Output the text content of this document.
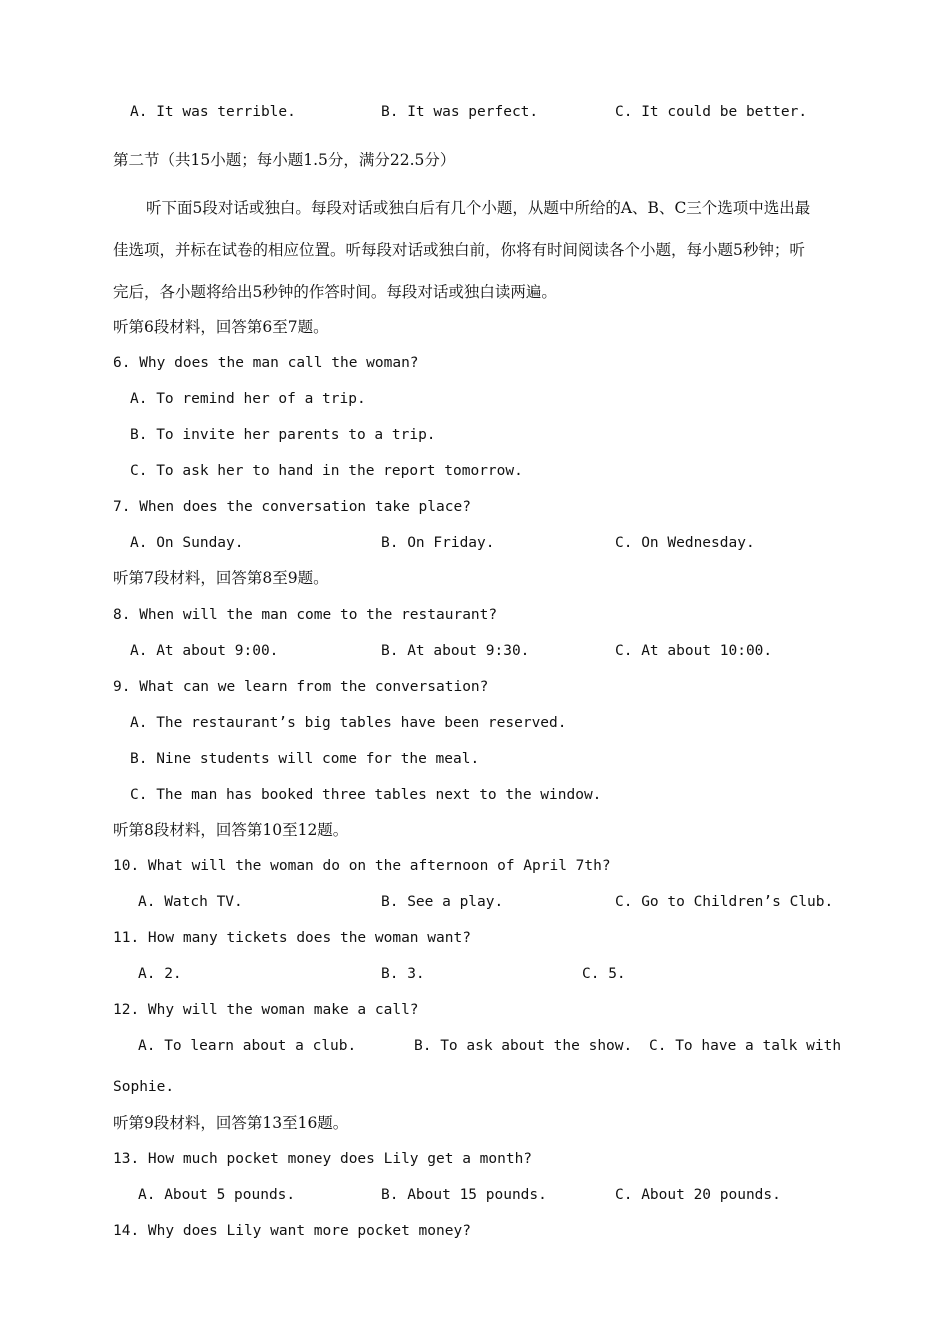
A. It was terrible.	B. It was perfect.	C. It could be better.
第二节（共15小题；每小题1.5分，满分22.5分）
听下面5段对话或独白。每段对话或独白后有几个小题，从题中所给的A、B、C三个选项中选出最
佳选项，并标在试卷的相应位置。听每段对话或独白前，你将有时间阅读各个小题，每小题5秒钟；听
完后，各小题将给出5秒钟的作答时间。每段对话或独白读两遍。
听第6段材料，回答第6至7题。
6. Why does the man call the woman?
A. To remind her of a trip.
B. To invite her parents to a trip.
C. To ask her to hand in the report tomorrow.
7. When does the conversation take place?
A. On Sunday.	B. On Friday.	C. On Wednesday.
听第7段材料，回答第8至9题。
8. When will the man come to the restaurant?
A. At about 9:00.	B. At about 9:30.	C. At about 10:00.
9. What can we learn from the conversation?
A. The restaurant’s big tables have been reserved.
B. Nine students will come for the meal.
C. The man has booked three tables next to the window.
听第8段材料，回答第10至12题。
10. What will the woman do on the afternoon of April 7th?
A. Watch TV.	B. See a play.	C. Go to Children’s Club.
11. How many tickets does the woman want?
A. 2.	B. 3.	C. 5.
12. Why will the woman make a call?
A. To learn about a club.	B. To ask about the show. C. To have a talk with
Sophie.
听第9段材料，回答第13至16题。
13. How much pocket money does Lily get a month?
A. About 5 pounds.	B. About 15 pounds.	C. About 20 pounds.
14. Why does Lily want more pocket money?
